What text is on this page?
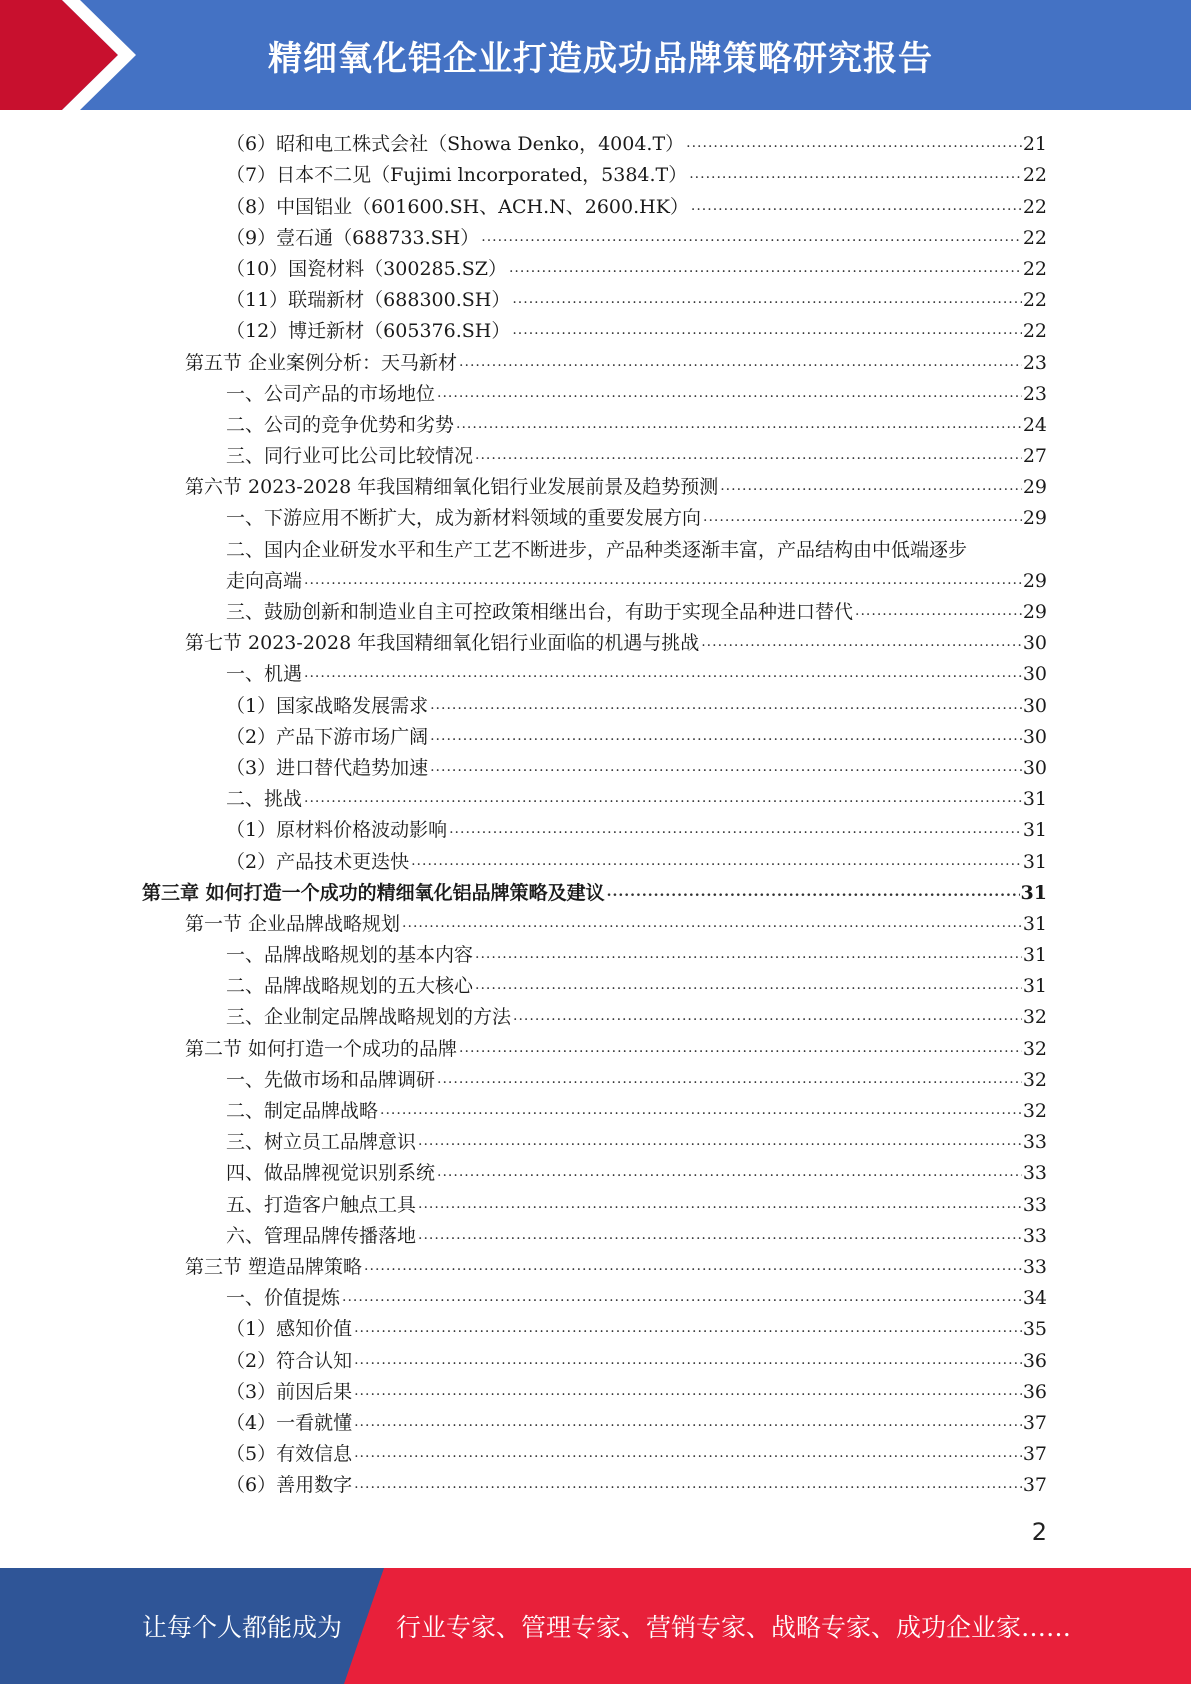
精细氧化铝企业打造成功品牌策略研究报告
（6）昭和电工株式会社（Showa Denko，4004.T） .....	21
（7）日本不二见（Fujimi lncorporated，5384.T） .....	22
（8）中国铝业（601600.SH、ACH.N、2600.HK） .....	22
（9）壹石通（688733.SH） .....	22
（10）国瓷材料（300285.SZ） .....	22
（11）联瑞新材（688300.SH） .....	22
（12）博迁新材（605376.SH） .....	22
第五节 企业案例分析：天马新材 .....	23
一、公司产品的市场地位 .....	23
二、公司的竞争优势和劣势 .....	24
三、同行业可比公司比较情况 .....	27
第六节 2023-2028 年我国精细氧化铝行业发展前景及趋势预测 .....	29
一、下游应用不断扩大，成为新材料领域的重要发展方向 .....	29
二、国内企业研发水平和生产工艺不断进步，产品种类逐渐丰富，产品结构由中低端逐步
走向高端 .....	29
三、鼓励创新和制造业自主可控政策相继出台，有助于实现全品种进口替代 .....	29
第七节 2023-2028 年我国精细氧化铝行业面临的机遇与挑战 .....	30
一、机遇 .....	30
（1）国家战略发展需求 .....	30
（2）产品下游市场广阔 .....	30
（3）进口替代趋势加速 .....	30
二、挑战 .....	31
（1）原材料价格波动影响 .....	31
（2）产品技术更迭快 .....	31
第三章 如何打造一个成功的精细氧化铝品牌策略及建议 .....	31
第一节 企业品牌战略规划 .....	31
一、品牌战略规划的基本内容 .....	31
二、品牌战略规划的五大核心 .....	31
三、企业制定品牌战略规划的方法 .....	32
第二节 如何打造一个成功的品牌 .....	32
一、先做市场和品牌调研 .....	32
二、制定品牌战略 .....	32
三、树立员工品牌意识 .....	33
四、做品牌视觉识别系统 .....	33
五、打造客户触点工具 .....	33
六、管理品牌传播落地 .....	33
第三节 塑造品牌策略 .....	33
一、价值提炼 .....	34
（1）感知价值 .....	35
（2）符合认知 .....	36
（3）前因后果 .....	36
（4）一看就懂 .....	37
（5）有效信息 .....	37
（6）善用数字 .....	37
2
让每个人都能成为 行业专家、管理专家、营销专家、战略专家、成功企业家……
